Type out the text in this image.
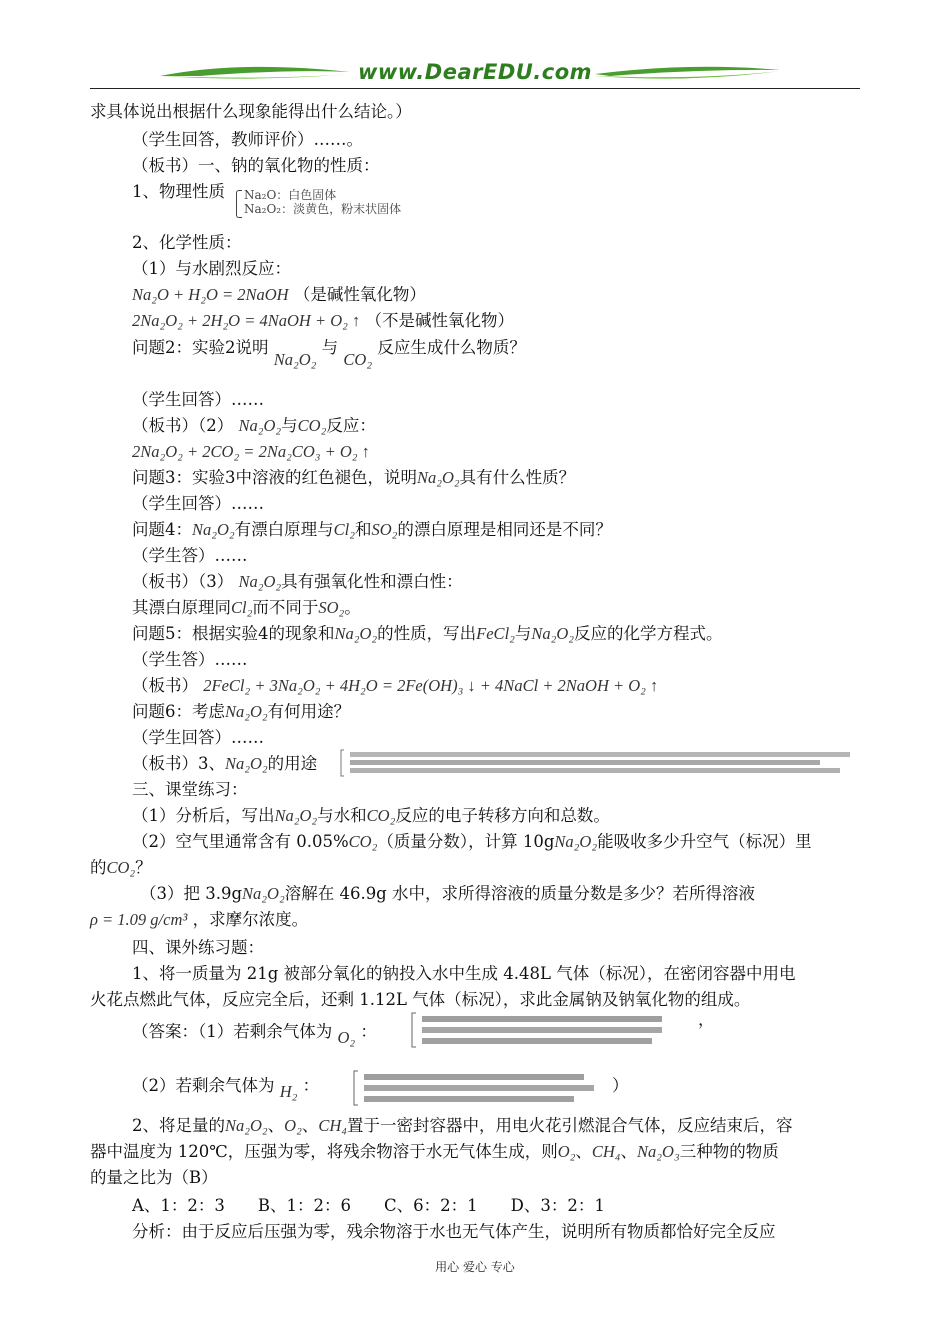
www.DearEDU.com
求具体说出根据什么现象能得出什么结论。）
（学生回答，教师评价）……。
（板书）一、钠的氧化物的性质：
1、物理性质	Na₂O：白色固体
Na₂O₂：淡黄色，粉末状固体
2、化学性质：
（1）与水剧烈反应：
Na₂O + H₂O = 2NaOH （是碱性氧化物）
2Na₂O₂ + 2H₂O = 4NaOH + O₂ ↑ （不是碱性氧化物）
问题2：实验2说明 Na₂O₂ 与 CO₂ 反应生成什么物质？
（学生回答）……
（板书）（2） Na₂O₂与CO₂反应：
2Na₂O₂ + 2CO₂ = 2Na₂CO₃ + O₂ ↑
问题3：实验3中溶液的红色褪色，说明Na₂O₂具有什么性质？
（学生回答）……
问题4：Na₂O₂有漂白原理与Cl₂和SO₂的漂白原理是相同还是不同？
（学生答）……
（板书）（3） Na₂O₂具有强氧化性和漂白性：
其漂白原理同Cl₂而不同于SO₂。
问题5：根据实验4的现象和Na₂O₂的性质，写出FeCl₂与Na₂O₂反应的化学方程式。
（学生答）……
（板书） 2FeCl₂ + 3Na₂O₂ + 4H₂O = 2Fe(OH)₃ ↓ + 4NaCl + 2NaOH + O₂ ↑
问题6：考虑Na₂O₂有何用途？
（学生回答）……
（板书）3、Na₂O₂的用途
三、课堂练习：
（1）分析后，写出Na₂O₂与水和CO₂反应的电子转移方向和总数。
（2）空气里通常含有 0.05%CO₂（质量分数），计算 10gNa₂O₂能吸收多少升空气（标况）里
的CO₂？
（3）把 3.9gNa₂O₂溶解在 46.9g 水中，求所得溶液的质量分数是多少？若所得溶液
ρ = 1.09 g/cm³ ，求摩尔浓度。
四、课外练习题：
1、将一质量为 21g 被部分氧化的钠投入水中生成 4.48L 气体（标况），在密闭容器中用电
火花点燃此气体，反应完全后，还剩 1.12L 气体（标况），求此金属钠及钠氧化物的组成。
（答案：（1）若剩余气体为 O₂ ：
，
（2）若剩余气体为 H₂ ：	）
2、将足量的Na₂O₂、O₂、CH₄置于一密封容器中，用电火花引燃混合气体，反应结束后，容
器中温度为 120℃，压强为零，将残余物溶于水无气体生成，则O₂、CH₄、Na₂O₃三种物的物质
的量之比为（B）
A、1：2：3　　B、1：2：6　　C、6：2：1　　D、3：2：1
分析：由于反应后压强为零，残余物溶于水也无气体产生，说明所有物质都恰好完全反应
用心 爱心 专心
